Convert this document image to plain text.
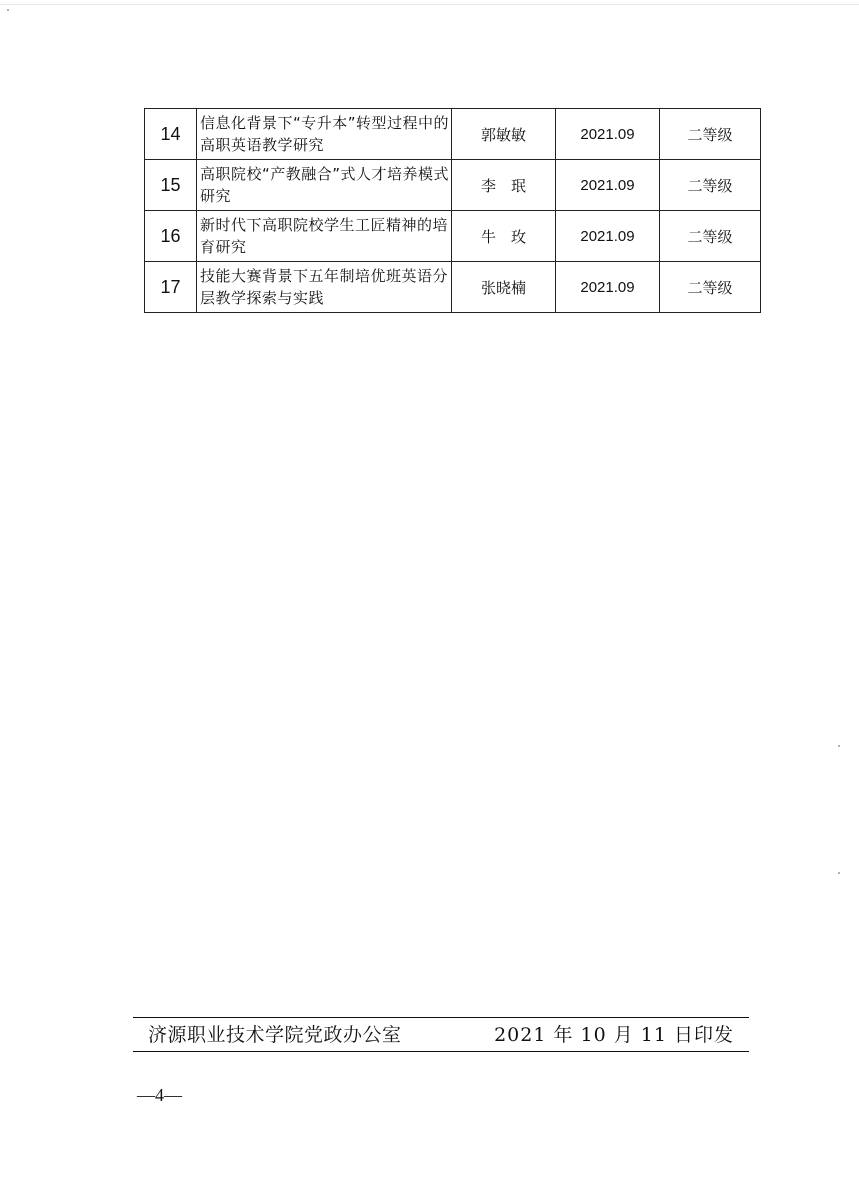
14	信息化背景下“专升本”转型过程中的高职英语教学研究	郭敏敏	2021.09	二等级
15	高职院校“产教融合”式人才培养模式研究	李　珉	2021.09	二等级
16	新时代下高职院校学生工匠精神的培育研究	牛　玫	2021.09	二等级
17	技能大赛背景下五年制培优班英语分层教学探索与实践	张晓楠	2021.09	二等级
济源职业技术学院党政办公室	2021 年 10 月 11 日印发
—4—
